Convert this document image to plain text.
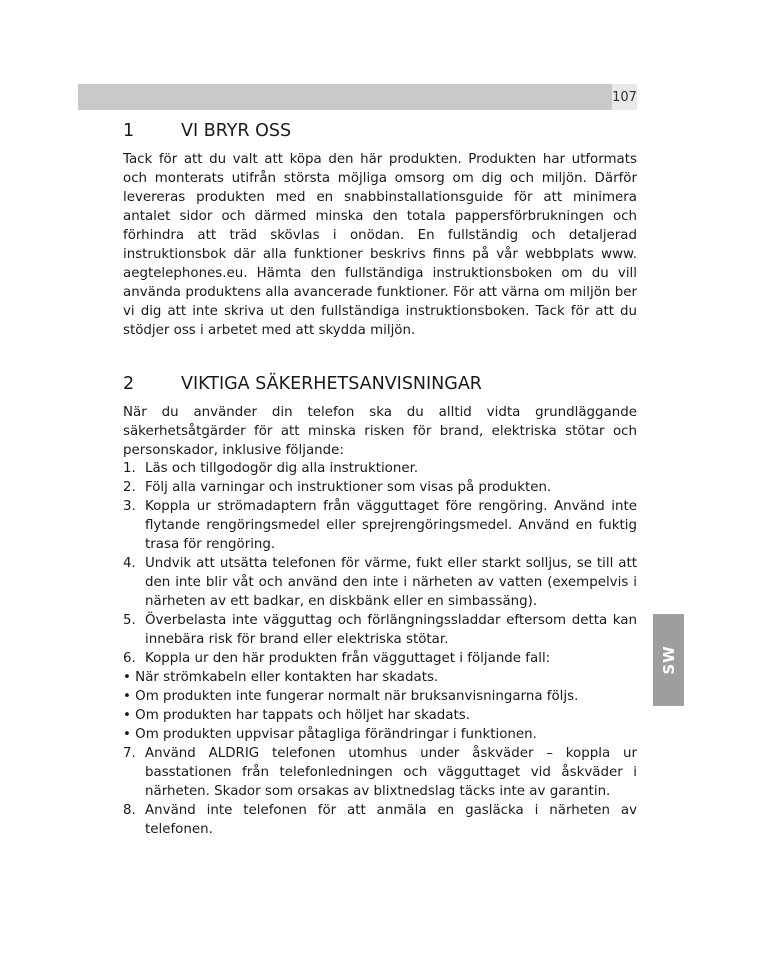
107
SW
1	VI BRYR OSS

Tack för att du valt att köpa den här produkten. Produkten har utformats och monterats utifrån största möjliga omsorg om dig och miljön. Därför levereras produkten med en snabbinstallationsguide för att minimera antalet sidor och därmed minska den totala pappersförbrukningen och förhindra att träd skövlas i onödan. En fullständig och detaljerad instruktionsbok där alla funktioner beskrivs finns på vår webbplats www. aegtelephones.eu. Hämta den fullständiga instruktionsboken om du vill använda produktens alla avancerade funktioner. För att värna om miljön ber vi dig att inte skriva ut den fullständiga instruktionsboken. Tack för att du stödjer oss i arbetet med att skydda miljön.

2	VIKTIGA SÄKERHETSANVISNINGAR

När du använder din telefon ska du alltid vidta grundläggande säkerhetsåtgärder för att minska risken för brand, elektriska stötar och personskador, inklusive följande:

1. Läs och tillgodogör dig alla instruktioner.
2. Följ alla varningar och instruktioner som visas på produkten.
3. Koppla ur strömadaptern från vägguttaget före rengöring. Använd inte flytande rengöringsmedel eller sprejrengöringsmedel. Använd en fuktig trasa för rengöring.
4. Undvik att utsätta telefonen för värme, fukt eller starkt solljus, se till att den inte blir våt och använd den inte i närheten av vatten (exempelvis i närheten av ett badkar, en diskbänk eller en simbassäng).
5. Överbelasta inte vägguttag och förlängningssladdar eftersom detta kan innebära risk för brand eller elektriska stötar.
6. Koppla ur den här produkten från vägguttaget i följande fall:
• När strömkabeln eller kontakten har skadats.
• Om produkten inte fungerar normalt när bruksanvisningarna följs.
• Om produkten har tappats och höljet har skadats.
• Om produkten uppvisar påtagliga förändringar i funktionen.
7. Använd ALDRIG telefonen utomhus under åskväder – koppla ur basstationen från telefonledningen och vägguttaget vid åskväder i närheten. Skador som orsakas av blixtnedslag täcks inte av garantin.
8. Använd inte telefonen för att anmäla en gasläcka i närheten av telefonen.
